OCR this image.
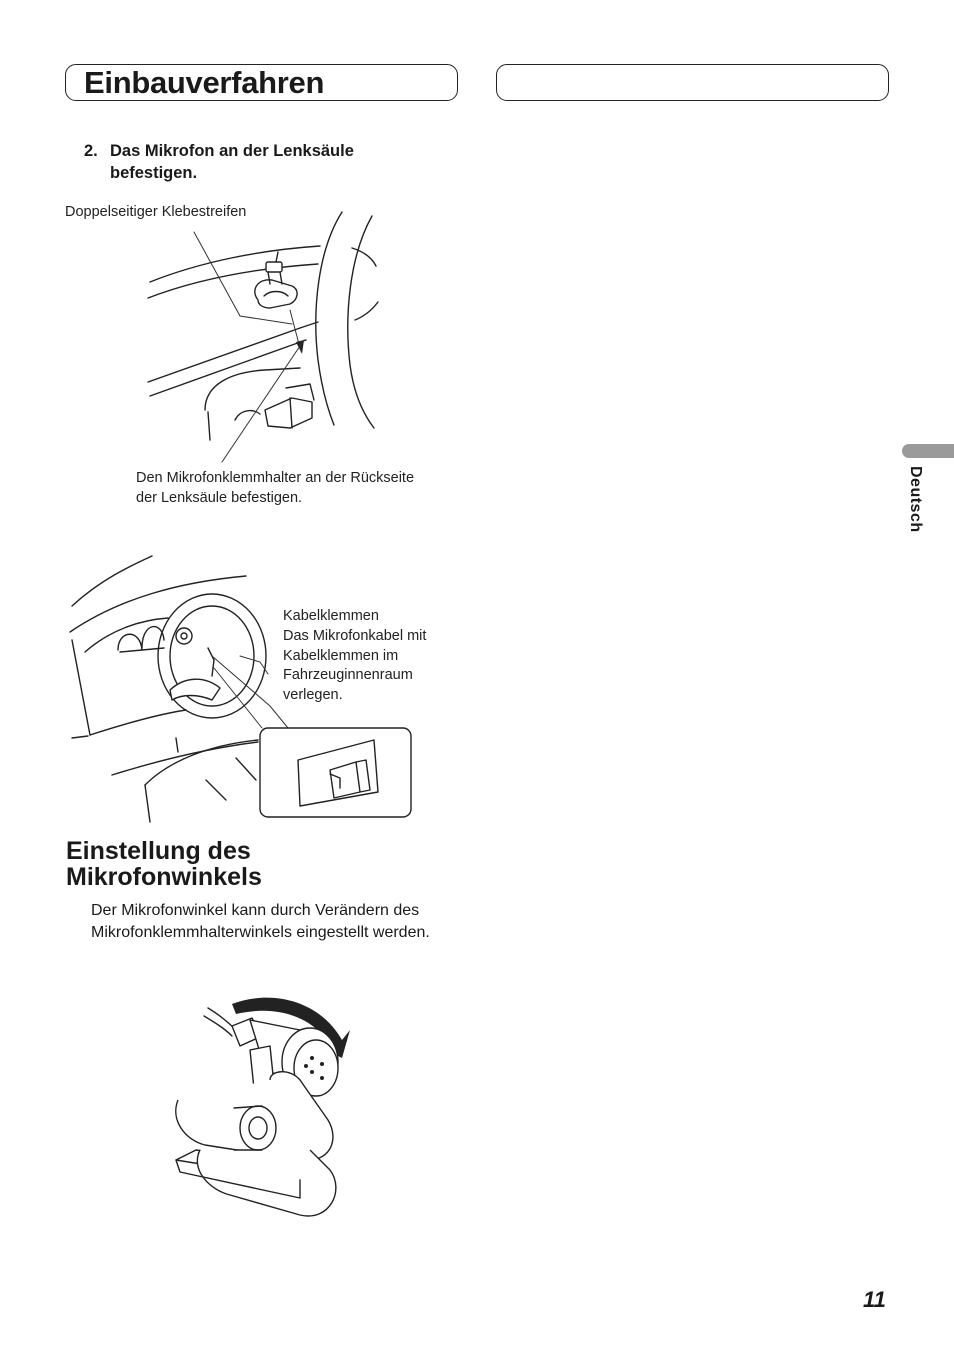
Einbauverfahren
2. Das Mikrofon an der Lenksäule befestigen.
Doppelseitiger Klebestreifen
Den Mikrofonklemmhalter an der Rückseite der Lenksäule befestigen.
Kabelklemmen
Das Mikrofonkabel mit Kabelklemmen im Fahrzeuginnenraum verlegen.
Einstellung des Mikrofonwinkels
Der Mikrofonwinkel kann durch Verändern des Mikrofonklemmhalterwinkels eingestellt werden.
Deutsch
11
